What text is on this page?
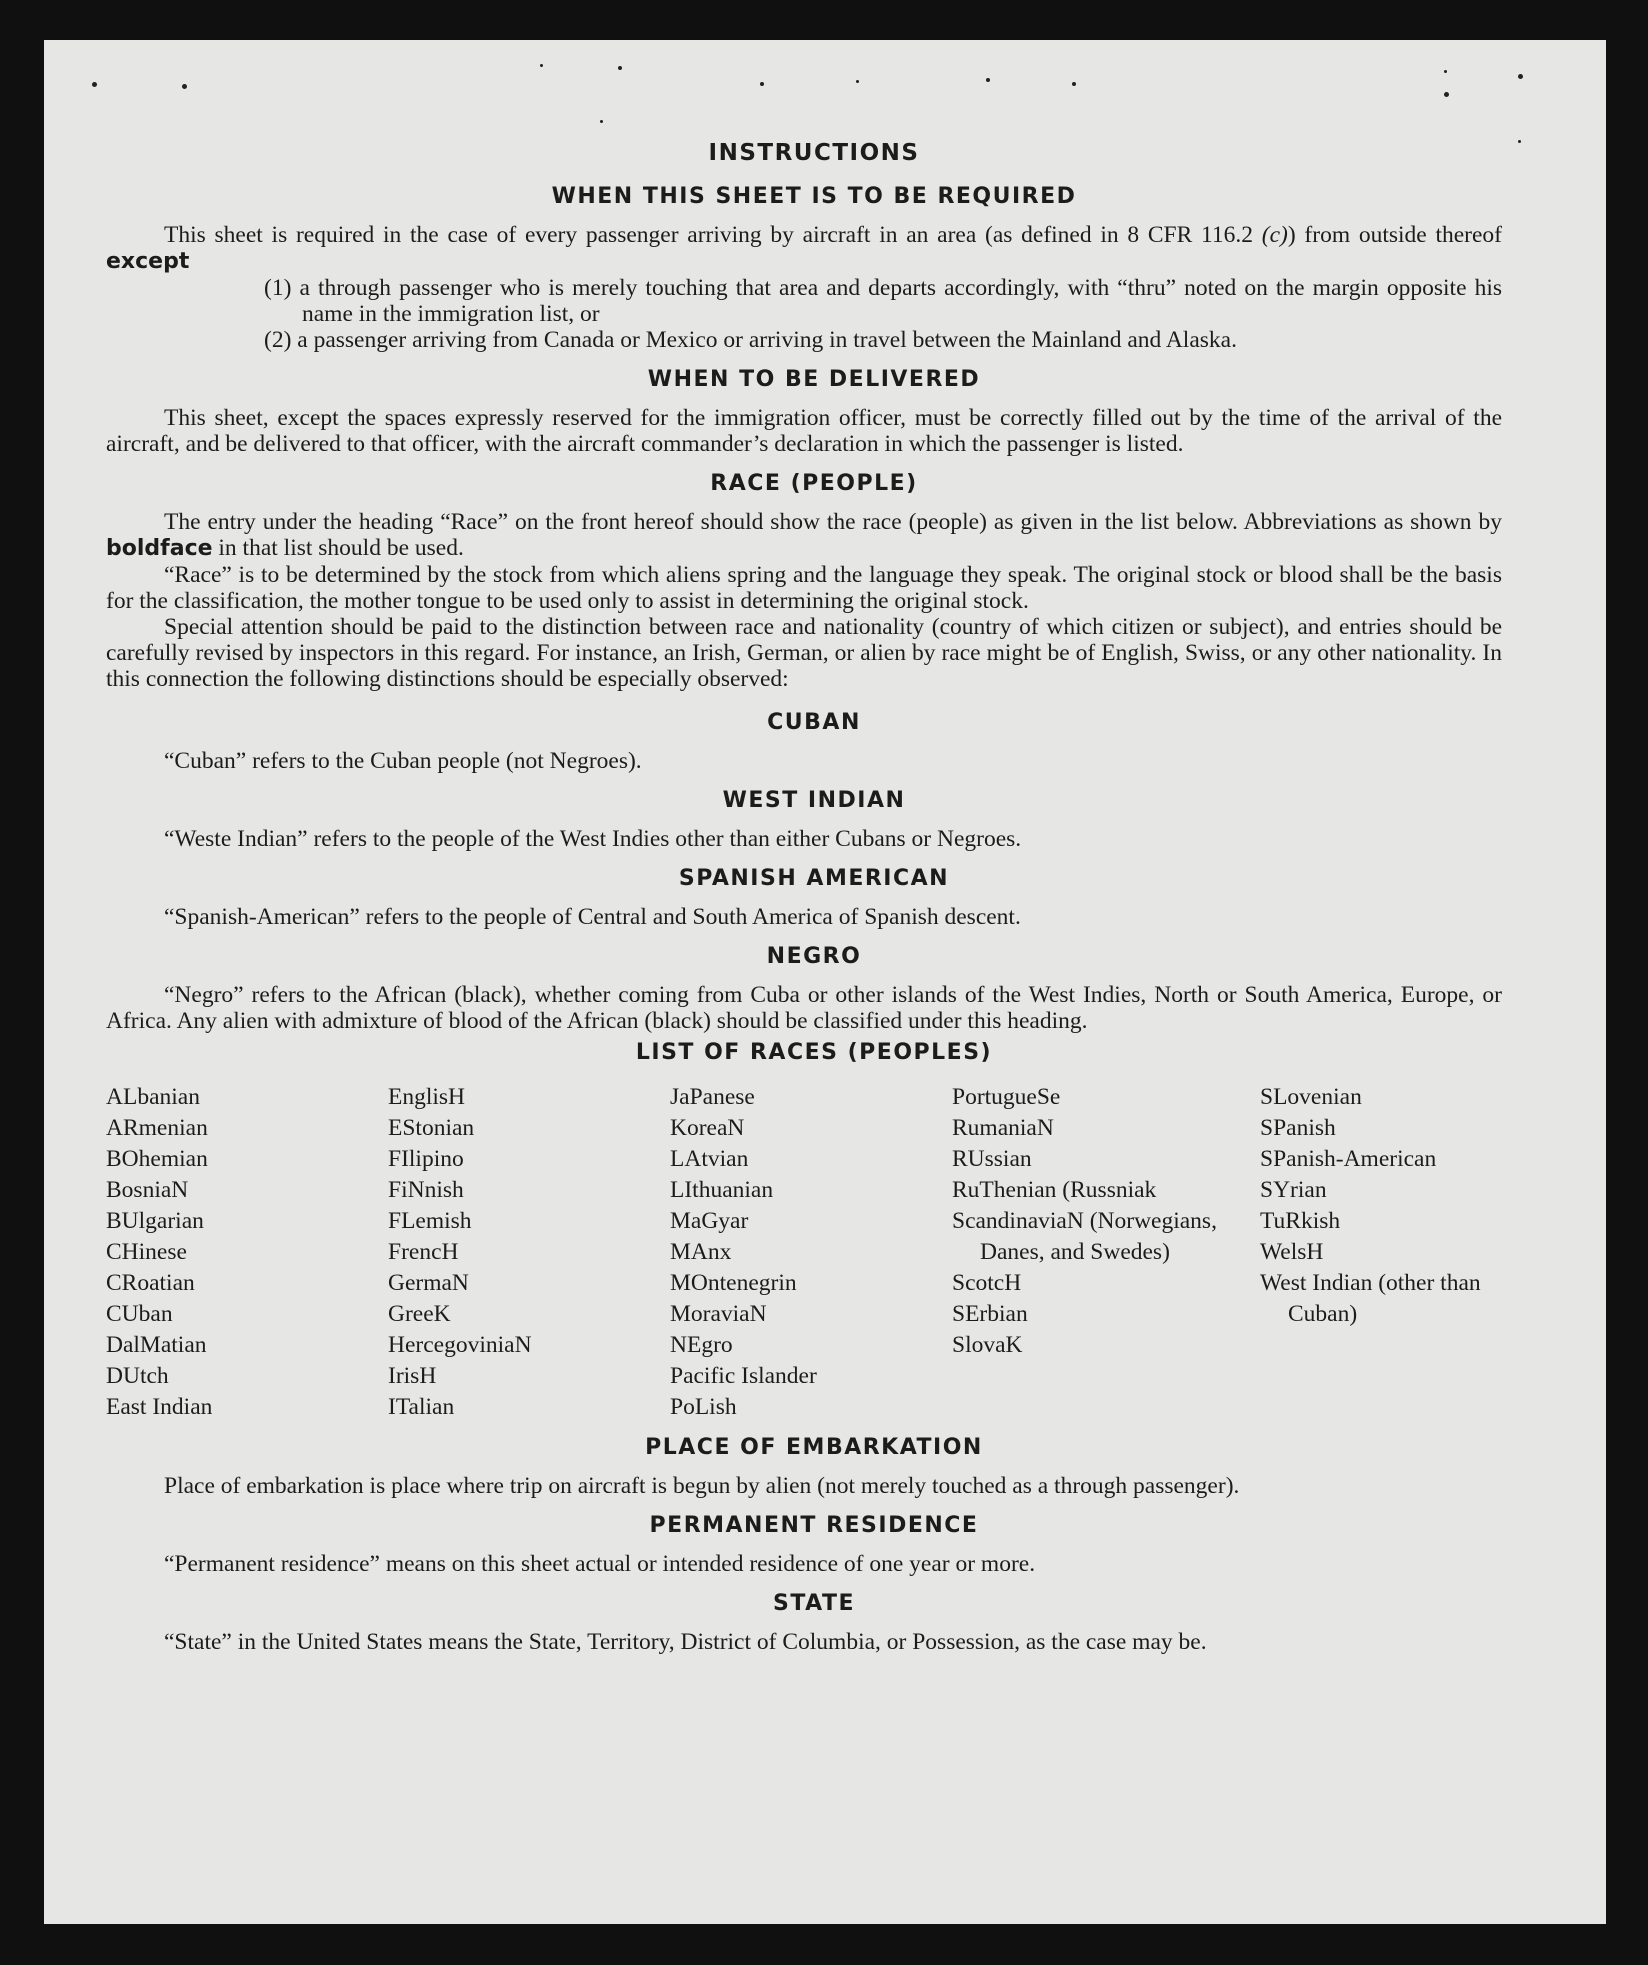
INSTRUCTIONS
WHEN THIS SHEET IS TO BE REQUIRED

This sheet is required in the case of every passenger arriving by aircraft in an area (as defined in 8 CFR 116.2 (c)) from outside thereof except

(1) a through passenger who is merely touching that area and departs accordingly, with “thru” noted on the margin opposite his name in the immigration list, or
(2) a passenger arriving from Canada or Mexico or arriving in travel between the Mainland and Alaska.
WHEN TO BE DELIVERED

This sheet, except the spaces expressly reserved for the immigration officer, must be correctly filled out by the time of the arrival of the aircraft, and be delivered to that officer, with the aircraft commander’s declaration in which the passenger is listed.

RACE (PEOPLE)

The entry under the heading “Race” on the front hereof should show the race (people) as given in the list below. Abbreviations as shown by boldface in that list should be used.

“Race” is to be determined by the stock from which aliens spring and the language they speak. The original stock or blood shall be the basis for the classification, the mother tongue to be used only to assist in determining the original stock.

Special attention should be paid to the distinction between race and nationality (country of which citizen or subject), and entries should be carefully revised by inspectors in this regard. For instance, an Irish, German, or alien by race might be of English, Swiss, or any other nationality. In this connection the following distinctions should be especially observed:

CUBAN

“Cuban” refers to the Cuban people (not Negroes).

WEST INDIAN

“Weste Indian” refers to the people of the West Indies other than either Cubans or Negroes.

SPANISH AMERICAN

“Spanish-American” refers to the people of Central and South America of Spanish descent.

NEGRO

“Negro” refers to the African (black), whether coming from Cuba or other islands of the West Indies, North or South America, Europe, or Africa. Any alien with admixture of blood of the African (black) should be classified under this heading.

LIST OF RACES (PEOPLES)
ALbanian
ARmenian
BOhemian
BosniaN
BUlgarian
CHinese
CRoatian
CUban
DalMatian
DUtch
East Indian
EnglisH
EStonian
FIlipino
FiNnish
FLemish
FrencH
GermaN
GreeK
HercegoviniaN
IrisH
ITalian
JaPanese
KoreaN
LAtvian
LIthuanian
MaGyar
MAnx
MOntenegrin
MoraviaN
NEgro
Pacific Islander
PoLish
PortugueSe
RumaniaN
RUssian
RuThenian (Russniak
ScandinaviaN (Norwegians, Danes, and Swedes)
ScotcH
SErbian
SlovaK
SLovenian
SPanish
SPanish-American
SYrian
TuRkish
WelsH
West Indian (other than Cuban)
PLACE OF EMBARKATION

Place of embarkation is place where trip on aircraft is begun by alien (not merely touched as a through passenger).

PERMANENT RESIDENCE

“Permanent residence” means on this sheet actual or intended residence of one year or more.

STATE

“State” in the United States means the State, Territory, District of Columbia, or Possession, as the case may be.
